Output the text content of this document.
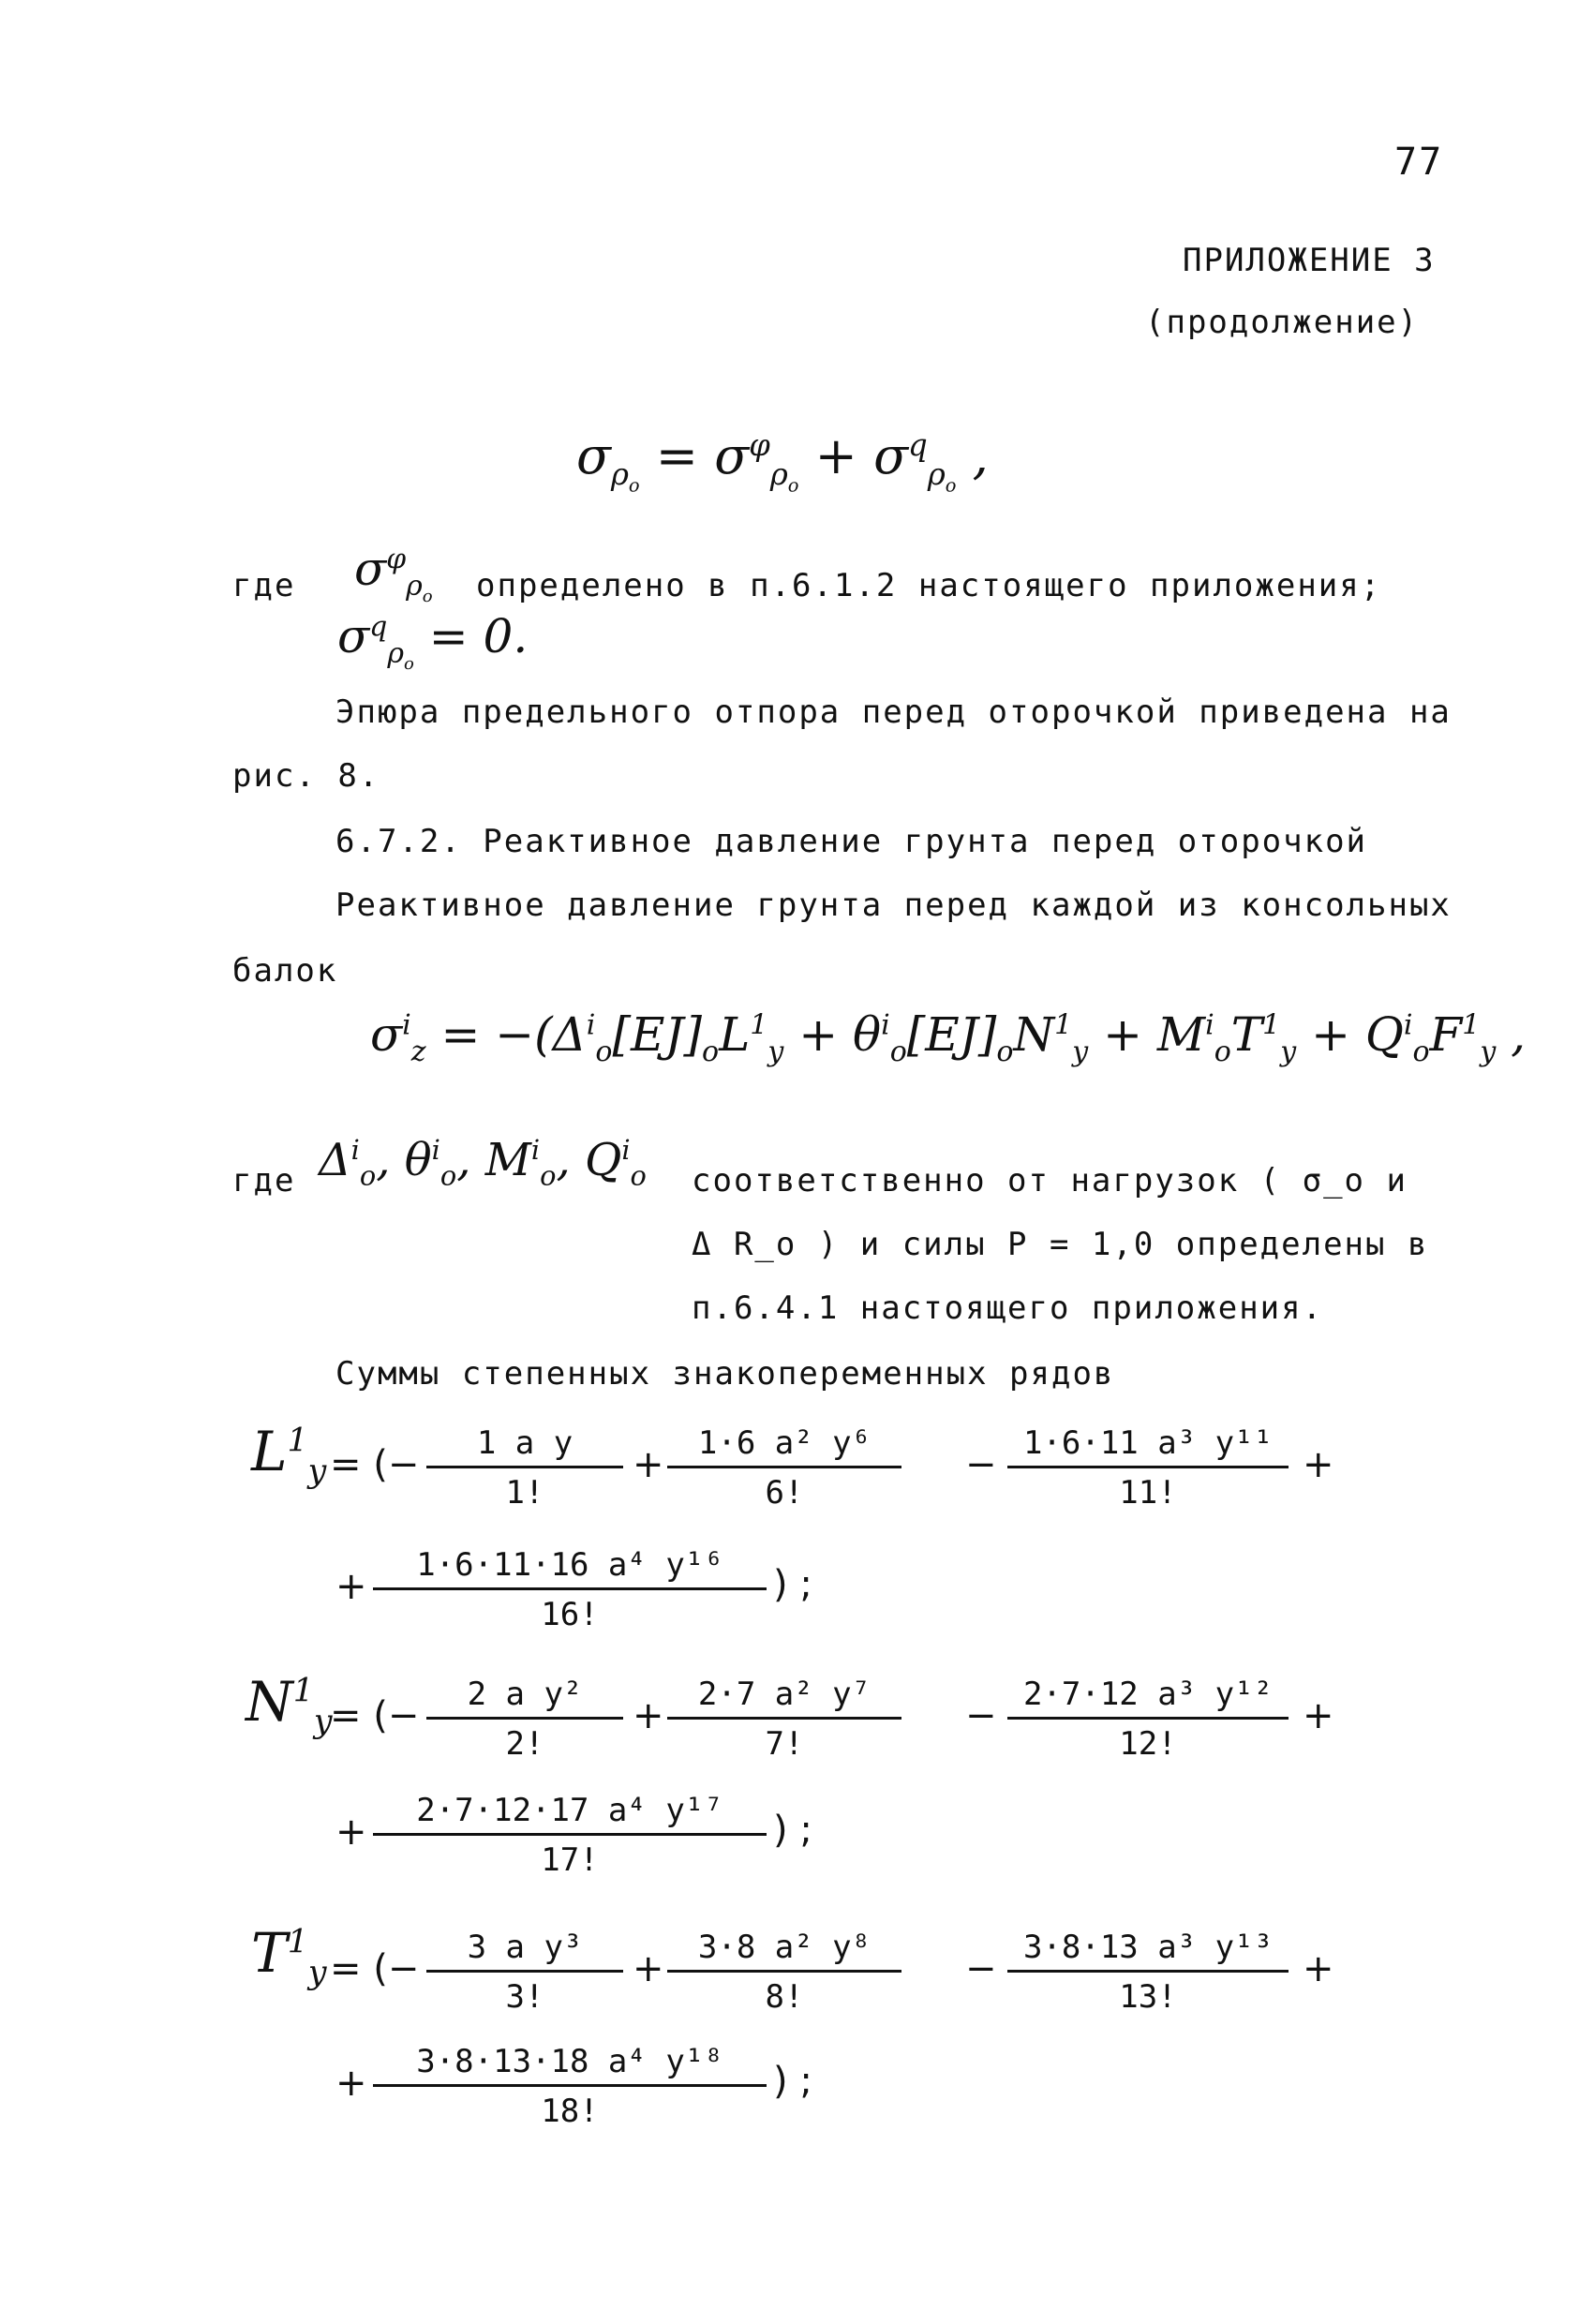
77
ПРИЛОЖЕНИЕ 3
(продолжение)
$\sigma_{\rho_o} = \sigma^\varphi_{\rho_o} + \sigma^q_{\rho_o}$ ,
где $\sigma^\varphi_{\rho_o}$ определено в п.6.1.2 настоящего приложения;
$\sigma^q_{\rho_o} = 0$.
Эпюра предельного отпора перед оторочкой приведена на
рис. 8.
6.7.2. Реактивное давление грунта перед оторочкой
Реактивное давление грунта перед каждой из консольных
балок
$\sigma^i_z = -(\Delta^i_o[EJ]_oL^1_y + \theta^i_o[EJ]_oN^1_y + M^i_oT^1_y + Q^i_oF^1_y$ ,
где $\Delta^i_o$, $\theta^i_o$, $M^i_o$, $Q^i_o$ соответственно от нагрузок ( σ_o и
Δ R_o ) и силы P = 1,0 определены в
п.6.4.1 настоящего приложения.
Суммы степенных знакопеременных рядов
$L^1_y$ = (− $\frac{\text{1 a y}}{1!} + \frac{\text{1·6 a² y⁶}}{6!} - \frac{\text{1·6·11 a³ y¹¹}}{11!}$ +
+ $\frac{\text{1·6·11·16 a⁴ y¹⁶}}{16!}$ ) ;
$N^1_y$
= (− $\frac{\text{2 a y²}}{2!} + \frac{\text{2·7 a² y⁷}}{7!} - \frac{\text{2·7·12 a³ y¹²}}{12!}$ +
+ $\frac{\text{2·7·12·17 a⁴ y¹⁷}}{17!}$ ) ;
$T^1_y$ = (− $\frac{\text{3 a y³}}{3!} + \frac{\text{3·8 a² y⁸}}{8!} - \frac{\text{3·8·13 a³ y¹³}}{13!}$ +
+ $\frac{\text{3·8·13·18 a⁴ y¹⁸}}{18!}$ ) ;
